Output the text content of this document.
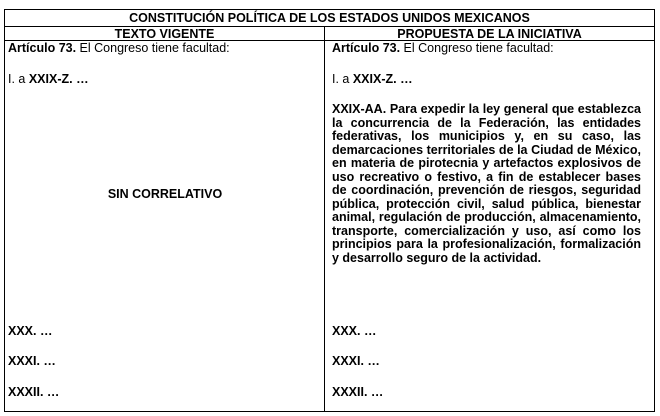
CONSTITUCIÓN POLÍTICA DE LOS ESTADOS UNIDOS MEXICANOS
TEXTO VIGENTE	PROPUESTA DE LA INICIATIVA
Artículo 73. El Congreso tiene facultad:
I. a XXIX-Z. …
SIN CORRELATIVO
XXX. …
XXXI. …
XXXII. …
Artículo 73. El Congreso tiene facultad:
I. a XXIX-Z. …
XXIX-AA. Para expedir la ley general que establezca la concurrencia de la Federación, las entidades federativas, los municipios y, en su caso, las demarcaciones territoriales de la Ciudad de México, en materia de pirotecnia y artefactos explosivos de uso recreativo o festivo, a fin de establecer bases de coordinación, prevención de riesgos, seguridad pública, protección civil, salud pública, bienestar animal, regulación de producción, almacenamiento, transporte, comercialización y uso, así como los principios para la profesionalización, formalización y desarrollo seguro de la actividad.
XXX. …
XXXI. …
XXXII. …
